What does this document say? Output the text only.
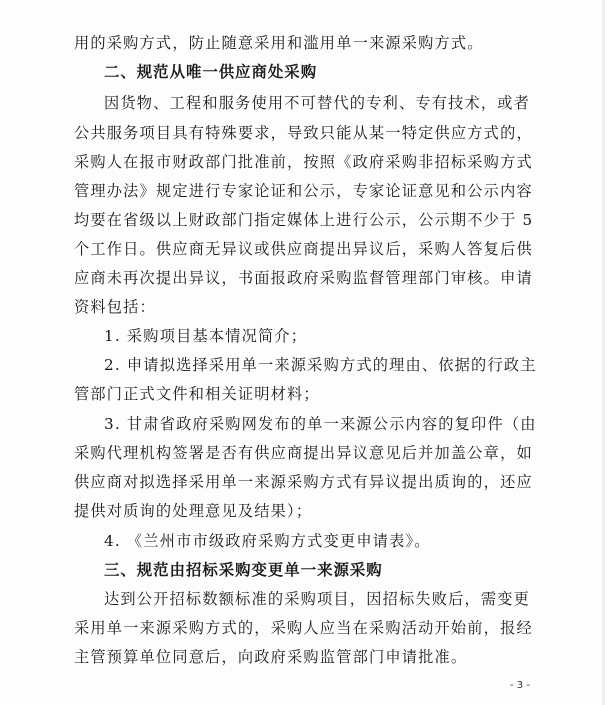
用的采购方式，防止随意采用和滥用单一来源采购方式。
二、规范从唯一供应商处采购
因货物、工程和服务使用不可替代的专利、专有技术，或者
公共服务项目具有特殊要求，导致只能从某一特定供应方式的，
采购人在报市财政部门批准前，按照《政府采购非招标采购方式
管理办法》规定进行专家论证和公示，专家论证意见和公示内容
均要在省级以上财政部门指定媒体上进行公示，公示期不少于 5
个工作日。供应商无异议或供应商提出异议后，采购人答复后供
应商未再次提出异议，书面报政府采购监督管理部门审核。申请
资料包括：
1. 采购项目基本情况简介；
2. 申请拟选择采用单一来源采购方式的理由、依据的行政主
管部门正式文件和相关证明材料；
3. 甘肃省政府采购网发布的单一来源公示内容的复印件（由
采购代理机构签署是否有供应商提出异议意见后并加盖公章，如
供应商对拟选择采用单一来源采购方式有异议提出质询的，还应
提供对质询的处理意见及结果）；
4. 《兰州市市级政府采购方式变更申请表》。
三、规范由招标采购变更单一来源采购
达到公开招标数额标准的采购项目，因招标失败后，需变更
采用单一来源采购方式的，采购人应当在采购活动开始前，报经
主管预算单位同意后，向政府采购监管部门申请批准。
- 3 -
